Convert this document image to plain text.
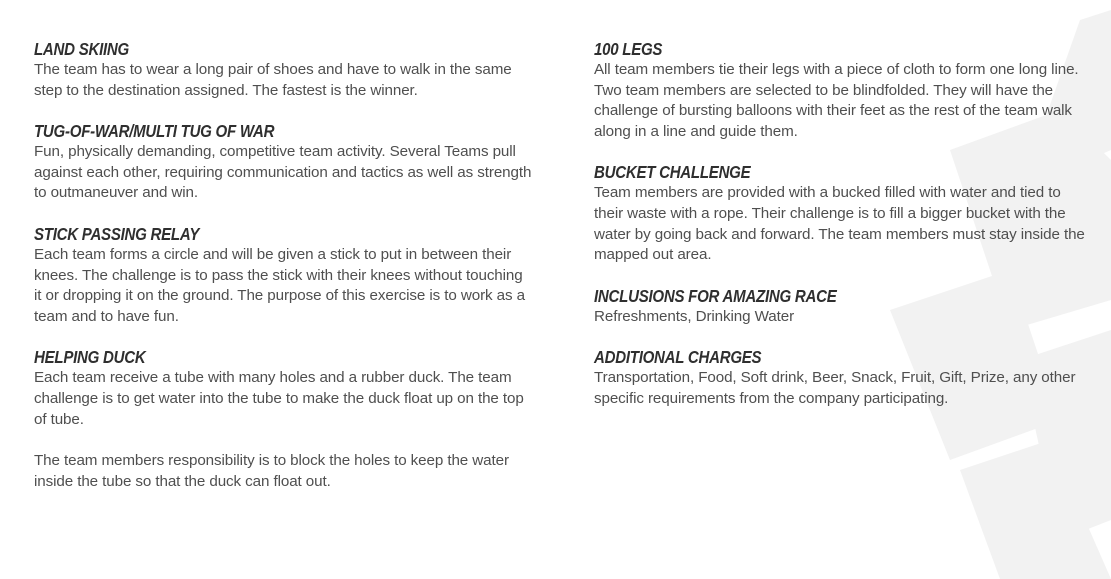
LAND SKIING
The team has to wear a long pair of shoes and have to walk in the same step to the destination assigned. The fastest is the winner.
TUG-OF-WAR/MULTI TUG OF WAR
Fun, physically demanding, competitive team activity. Several Teams pull against each other, requiring communication and tactics as well as strength to outmaneuver and win.
STICK PASSING RELAY
Each team forms a circle and will be given a stick to put in between their knees. The challenge is to pass the stick with their knees without touching it or dropping it on the ground. The purpose of this exercise is to work as a team and to have fun.
HELPING DUCK
Each team receive a tube with many holes and a rubber duck. The team challenge is to get water into the tube to make the duck float up on the top of tube.
The team members responsibility is to block the holes to keep the water inside the tube so that the duck can float out.
100 LEGS
All team members tie their legs with a piece of cloth to form one long line. Two team members are selected to be blindfolded. They will have the challenge of bursting balloons with their feet as the rest of the team walk along in a line and guide them.
BUCKET CHALLENGE
Team members are provided with a bucked filled with water and tied to their waste with a rope. Their challenge is to fill a bigger bucket with the water by going back and forward. The team members must stay inside the mapped out area.
INCLUSIONS FOR AMAZING RACE
Refreshments, Drinking Water
ADDITIONAL CHARGES
Transportation, Food, Soft drink, Beer, Snack, Fruit, Gift, Prize, any other specific requirements from the company participating.
